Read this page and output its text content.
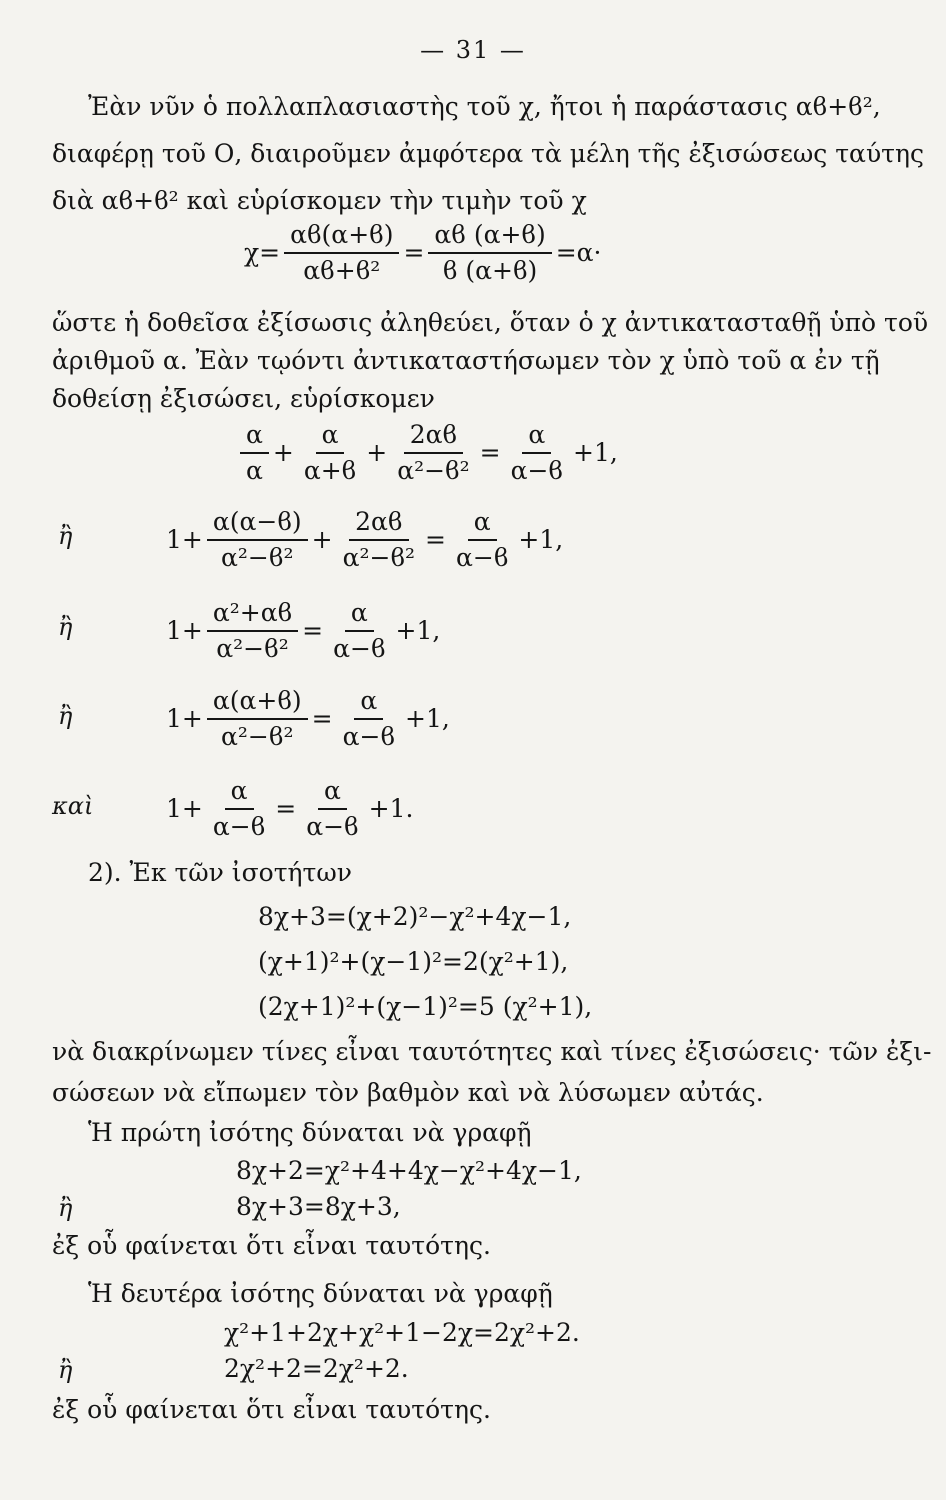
— 31 —
Ἐὰν νῦν ὁ πολλαπλασιαστὴς τοῦ χ, ἤτοι ἡ παράστασις αϐ+ϐ²,
διαφέρῃ τοῦ Ο, διαιροῦμεν ἀμφότερα τὰ μέλη τῆς ἐξισώσεως ταύτης
διὰ αϐ+ϐ² καὶ εὑρίσκομεν τὴν τιμὴν τοῦ χ
$\chi= \frac{\alpha ϐ(\alpha+ϐ)}{\text{αϐ+ϐ²}} = \frac{\alpha ϐ (\alpha+ϐ)}{ϐ (\alpha+ϐ)} =\alpha\cdot$
ὥστε ἡ δοθεῖσα ἐξίσωσις ἀληθεύει, ὅταν ὁ χ ἀντικατασταθῇ ὑπὸ τοῦ
ἀριθμοῦ α. Ἐὰν τῳόντι ἀντικαταστήσωμεν τὸν χ ὑπὸ τοῦ α ἐν τῇ
δοθείσῃ ἐξισώσει, εὑρίσκομεν
$\frac{\alpha}{\alpha} + \frac{\alpha}{\alpha+ϐ} + \frac{2\alpha ϐ}{\text{α²−ϐ²}} = \frac{\alpha}{\alpha-ϐ} +1$,
ἢ	$1+ \frac{\alpha(\alpha-ϐ)}{\text{α²−ϐ²}} + \frac{2\alpha ϐ}{\text{α²−ϐ²}} = \frac{\alpha}{\alpha-ϐ} +1$,
ἢ	$1+ \frac{\text{α²+αϐ}}{\text{α²−ϐ²}} = \frac{\alpha}{\alpha-ϐ} +1$,
ἢ	$1+ \frac{\alpha(\alpha+ϐ)}{\text{α²−ϐ²}} = \frac{\alpha}{\alpha-ϐ} +1$,
καὶ	$1+ \frac{\alpha}{\alpha-ϐ} = \frac{\alpha}{\alpha-ϐ} +1$.
2). Ἐκ τῶν ἰσοτήτων
8χ+3=(χ+2)²−χ²+4χ−1,
(χ+1)²+(χ−1)²=2(χ²+1),
(2χ+1)²+(χ−1)²=5 (χ²+1),
νὰ διακρίνωμεν τίνες εἶναι ταυτότητες καὶ τίνες ἐξισώσεις· τῶν ἐξι-
σώσεων νὰ εἴπωμεν τὸν βαθμὸν καὶ νὰ λύσωμεν αὐτάς.
Ἡ πρώτη ἰσότης δύναται νὰ γραφῇ
8χ+2=χ²+4+4χ−χ²+4χ−1,
ἢ	8χ+3=8χ+3,
ἐξ οὗ φαίνεται ὅτι εἶναι ταυτότης.
Ἡ δευτέρα ἰσότης δύναται νὰ γραφῇ
χ²+1+2χ+χ²+1−2χ=2χ²+2.
ἢ	2χ²+2=2χ²+2.
ἐξ οὗ φαίνεται ὅτι εἶναι ταυτότης.
